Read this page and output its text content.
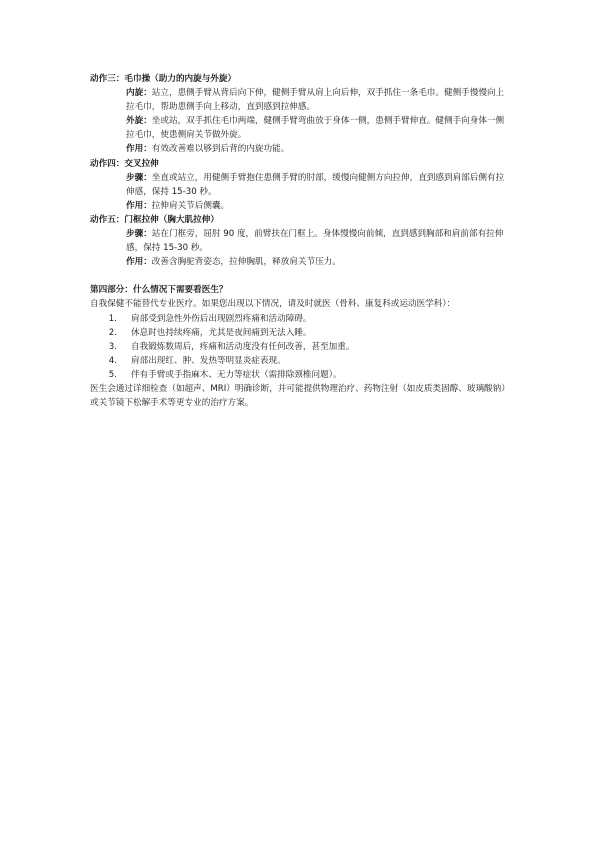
动作三：毛巾操（助力的内旋与外旋）

内旋：站立，患侧手臂从背后向下伸，健侧手臂从肩上向后伸，双手抓住一条毛巾。健侧手慢慢向上拉毛巾，帮助患侧手向上移动，直到感到拉伸感。

外旋：坐或站，双手抓住毛巾两端，健侧手臂弯曲放于身体一侧，患侧手臂伸直。健侧手向身体一侧拉毛巾，使患侧肩关节做外旋。

作用：有效改善难以够到后背的内旋功能。

动作四：交叉拉伸

步骤：坐直或站立，用健侧手臂抱住患侧手臂的肘部，缓慢向健侧方向拉伸，直到感到肩部后侧有拉伸感，保持 15-30 秒。

作用：拉伸肩关节后侧囊。

动作五：门框拉伸（胸大肌拉伸）

步骤：站在门框旁，屈肘 90 度，前臂扶在门框上。身体慢慢向前倾，直到感到胸部和肩前部有拉伸感，保持 15-30 秒。

作用：改善含胸驼背姿态，拉伸胸肌，释放肩关节压力。

第四部分：什么情况下需要看医生？

自我保健不能替代专业医疗。如果您出现以下情况，请及时就医（骨科、康复科或运动医学科）：

1.	肩部受到急性外伤后出现剧烈疼痛和活动障碍。
2.	休息时也持续疼痛，尤其是夜间痛到无法入睡。
3.	自我锻炼数周后，疼痛和活动度没有任何改善，甚至加重。
4.	肩部出现红、肿、发热等明显炎症表现。
5.	伴有手臂或手指麻木、无力等症状（需排除颈椎问题）。

医生会通过详细检查（如超声、MRI）明确诊断，并可能提供物理治疗、药物注射（如皮质类固醇、玻璃酸钠）或关节镜下松解手术等更专业的治疗方案。
